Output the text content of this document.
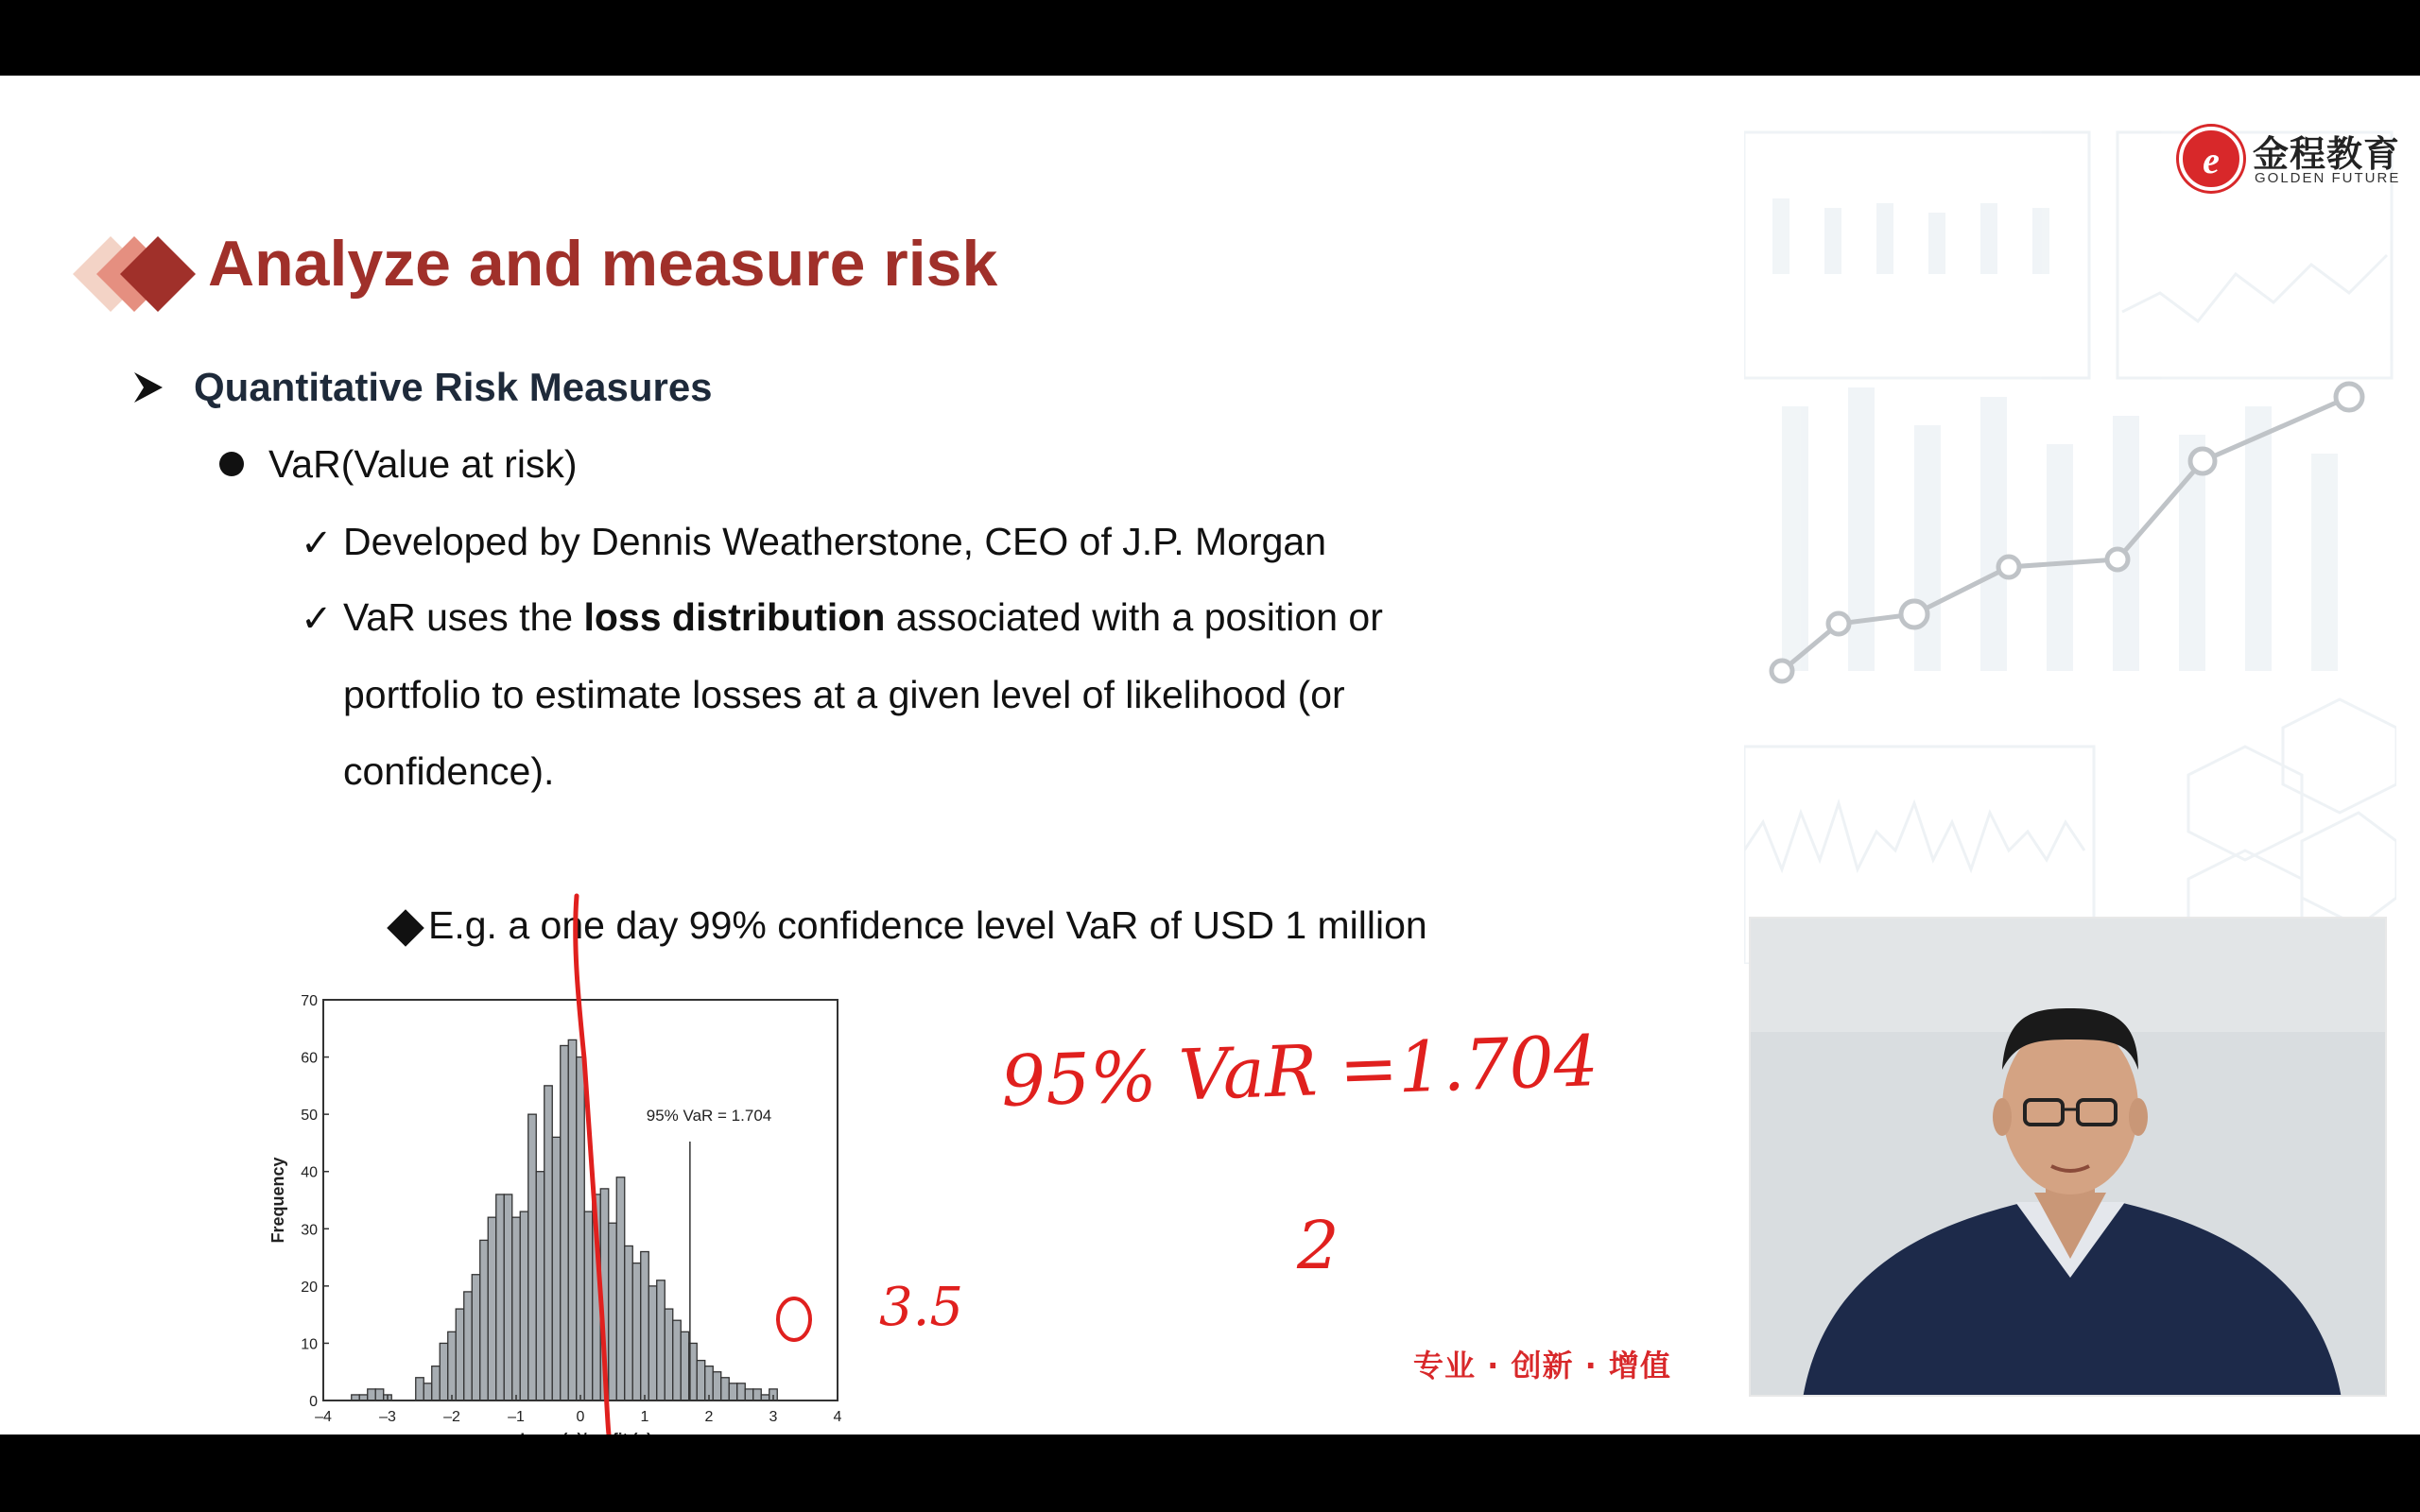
e 金程教育
GOLDEN FUTURE
Analyze and measure risk
Quantitative Risk Measures
VaR(Value at risk)
✓ Developed by Dennis Weatherstone, CEO of J.P. Morgan
✓ VaR uses the loss distribution associated with a position or
portfolio to estimate losses at a given level of likelihood (or
confidence).
E.g. a one day 99% confidence level VaR of USD 1 million
–4	–3	–2	–1	0	1	2	3	4
0
10
20
30
40
50
60
70
Frequency
95% VaR = 1.704	95% VaR =1.704
2
3.5
专业 · 创新 · 增值
